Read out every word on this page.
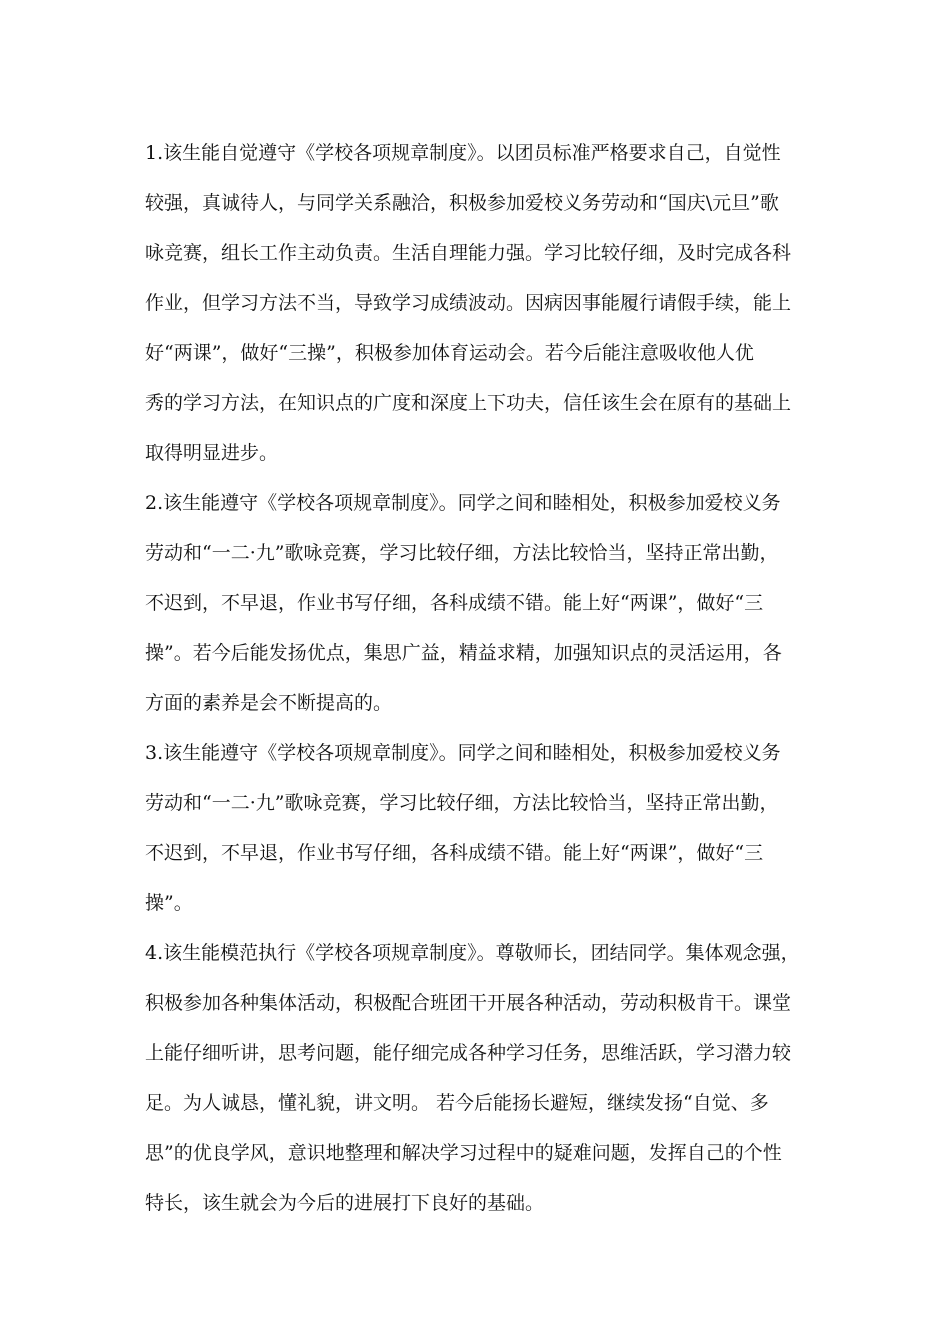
1.该生能自觉遵守《学校各项规章制度》。以团员标准严格要求自己，自觉性
较强，真诚待人，与同学关系融洽，积极参加爱校义务劳动和“国庆\元旦”歌
咏竞赛，组长工作主动负责。生活自理能力强。学习比较仔细，及时完成各科
作业，但学习方法不当，导致学习成绩波动。因病因事能履行请假手续，能上
好“两课”，做好“三操”，积极参加体育运动会。若今后能注意吸收他人优
秀的学习方法，在知识点的广度和深度上下功夫，信任该生会在原有的基础上
取得明显进步。
2.该生能遵守《学校各项规章制度》。同学之间和睦相处，积极参加爱校义务
劳动和“一二·九”歌咏竞赛，学习比较仔细，方法比较恰当，坚持正常出勤，
不迟到，不早退，作业书写仔细，各科成绩不错。能上好“两课”，做好“三
操”。若今后能发扬优点，集思广益，精益求精，加强知识点的灵活运用，各
方面的素养是会不断提高的。
3.该生能遵守《学校各项规章制度》。同学之间和睦相处，积极参加爱校义务
劳动和“一二·九”歌咏竞赛，学习比较仔细，方法比较恰当，坚持正常出勤，
不迟到，不早退，作业书写仔细，各科成绩不错。能上好“两课”，做好“三
操”。
4.该生能模范执行《学校各项规章制度》。尊敬师长，团结同学。集体观念强，
积极参加各种集体活动，积极配合班团干开展各种活动，劳动积极肯干。课堂
上能仔细听讲，思考问题，能仔细完成各种学习任务，思维活跃，学习潜力较
足。为人诚恳，懂礼貌，讲文明。 若今后能扬长避短，继续发扬“自觉、多
思”的优良学风，意识地整理和解决学习过程中的疑难问题，发挥自己的个性
特长，该生就会为今后的进展打下良好的基础。
